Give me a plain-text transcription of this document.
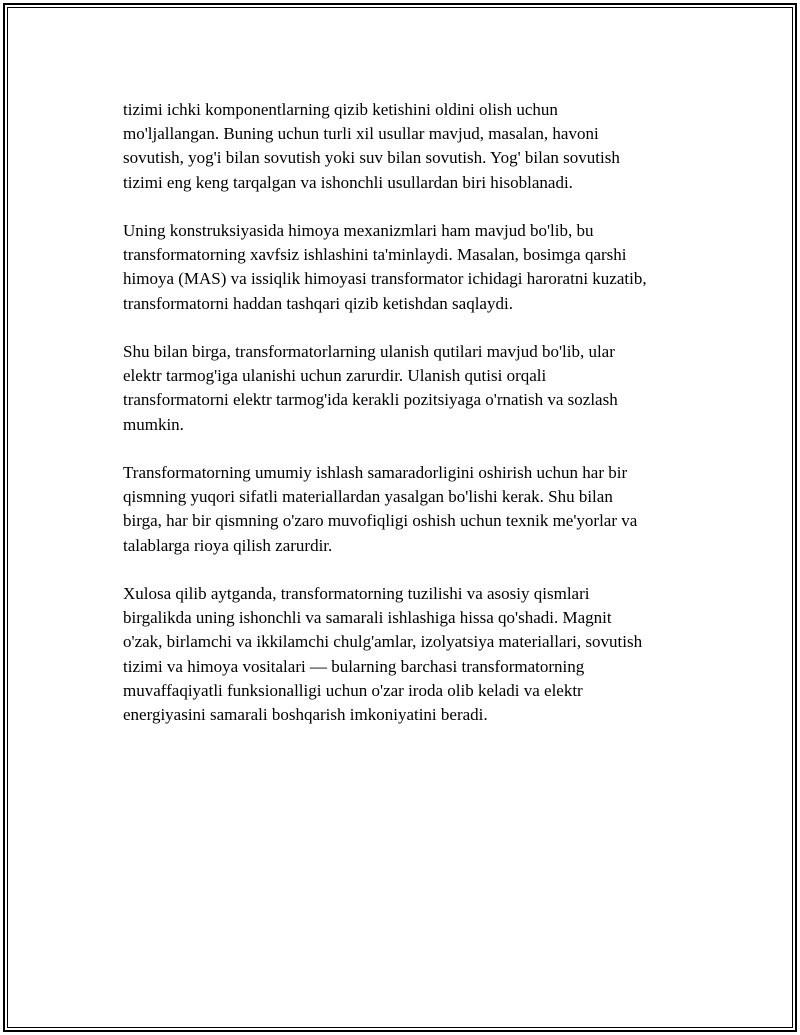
tizimi ichki komponentlarning qizib ketishini oldini olish uchun
mo'ljallangan. Buning uchun turli xil usullar mavjud, masalan, havoni
sovutish, yog'i bilan sovutish yoki suv bilan sovutish. Yog' bilan sovutish
tizimi eng keng tarqalgan va ishonchli usullardan biri hisoblanadi.

Uning konstruksiyasida himoya mexanizmlari ham mavjud bo'lib, bu
transformatorning xavfsiz ishlashini ta'minlaydi. Masalan, bosimga qarshi
himoya (MAS) va issiqlik himoyasi transformator ichidagi haroratni kuzatib,
transformatorni haddan tashqari qizib ketishdan saqlaydi.

Shu bilan birga, transformatorlarning ulanish qutilari mavjud bo'lib, ular
elektr tarmog'iga ulanishi uchun zarurdir. Ulanish qutisi orqali
transformatorni elektr tarmog'ida kerakli pozitsiyaga o'rnatish va sozlash
mumkin.

Transformatorning umumiy ishlash samaradorligini oshirish uchun har bir
qismning yuqori sifatli materiallardan yasalgan bo'lishi kerak. Shu bilan
birga, har bir qismning o'zaro muvofiqligi oshish uchun texnik me'yorlar va
talablarga rioya qilish zarurdir.

Xulosa qilib aytganda, transformatorning tuzilishi va asosiy qismlari
birgalikda uning ishonchli va samarali ishlashiga hissa qo'shadi. Magnit
o'zak, birlamchi va ikkilamchi chulg'amlar, izolyatsiya materiallari, sovutish
tizimi va himoya vositalari — bularning barchasi transformatorning
muvaffaqiyatli funksionalligi uchun o'zar iroda olib keladi va elektr
energiyasini samarali boshqarish imkoniyatini beradi.
